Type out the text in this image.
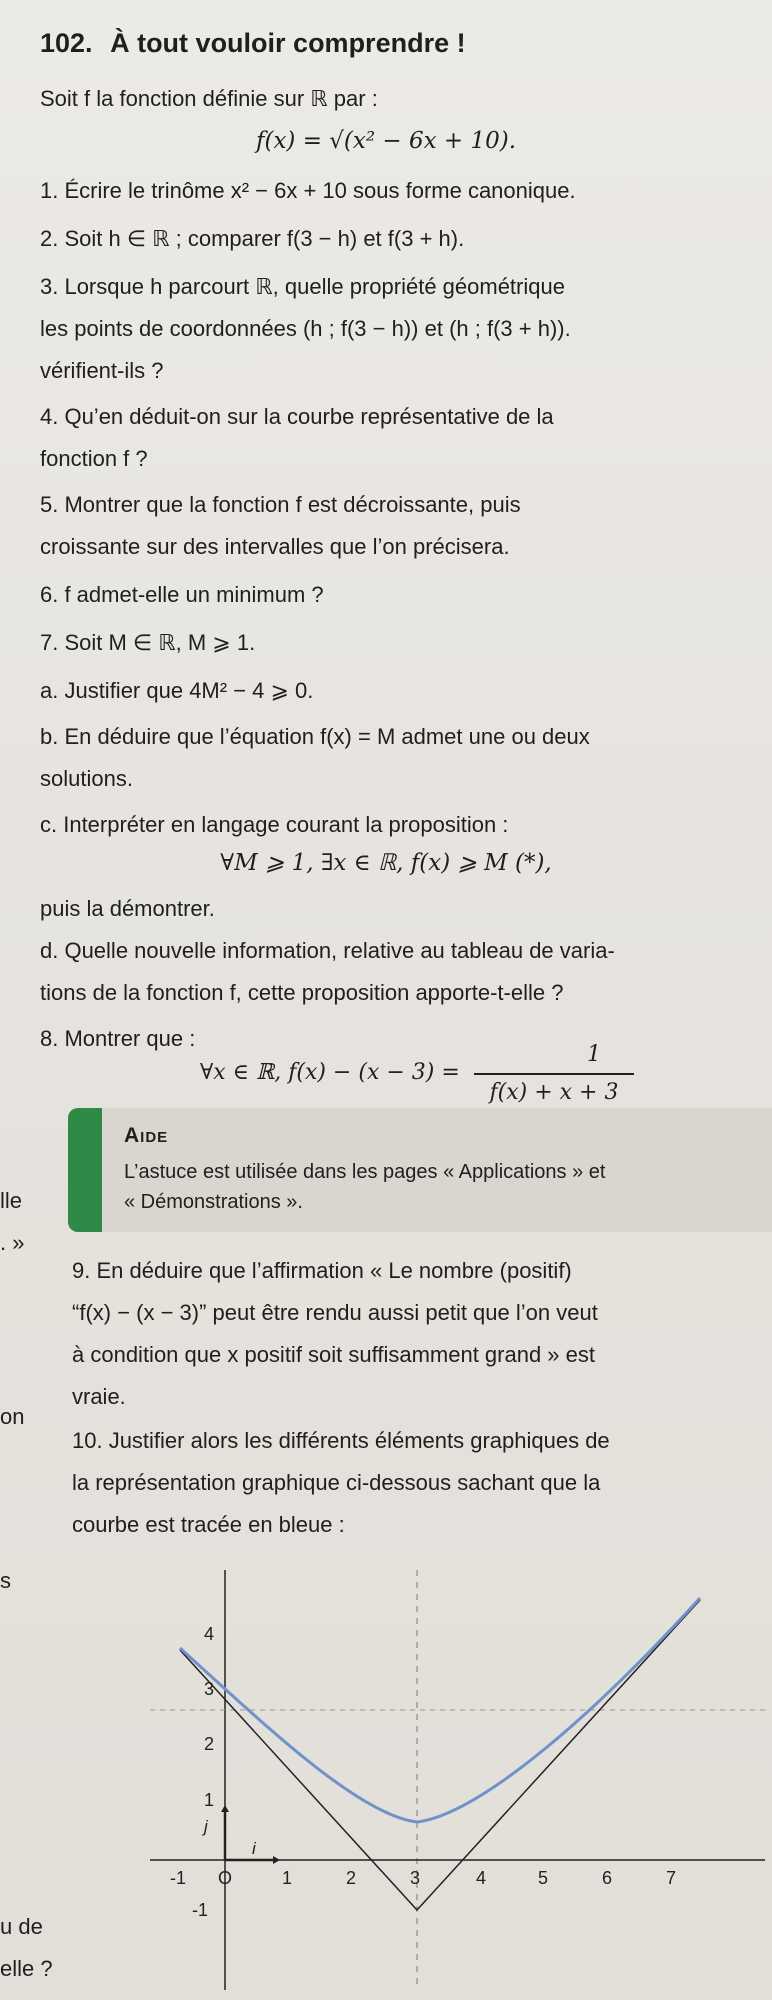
102. À tout vouloir comprendre !
Soit f la fonction définie sur ℝ par :
f(x) = √(x² − 6x + 10).
1. Écrire le trinôme x² − 6x + 10 sous forme canonique.
2. Soit h ∈ ℝ ; comparer f(3 − h) et f(3 + h).
3. Lorsque h parcourt ℝ, quelle propriété géométrique
les points de coordonnées (h ; f(3 − h)) et (h ; f(3 + h)).
vérifient-ils ?
4. Qu’en déduit-on sur la courbe représentative de la
fonction f ?
5. Montrer que la fonction f est décroissante, puis
croissante sur des intervalles que l’on précisera.
6. f admet-elle un minimum ?
7. Soit M ∈ ℝ, M ⩾ 1.
a. Justifier que 4M² − 4 ⩾ 0.
b. En déduire que l’équation f(x) = M admet une ou deux
solutions.
c. Interpréter en langage courant la proposition :
∀M ⩾ 1, ∃x ∈ ℝ, f(x) ⩾ M (*),
puis la démontrer.
d. Quelle nouvelle information, relative au tableau de varia-
tions de la fonction f, cette proposition apporte-t-elle ?
8. Montrer que :
∀x ∈ ℝ, f(x) − (x − 3) =
1
f(x) + x + 3
Aide
L’astuce est utilisée dans les pages « Applications » et
« Démonstrations ».
lle
. »
on
s
u de
elle ?
9. En déduire que l’affirmation « Le nombre (positif)
“f(x) − (x − 3)” peut être rendu aussi petit que l’on veut
à condition que x positif soit suffisamment grand » est
vraie.
10. Justifier alors les différents éléments graphiques de
la représentation graphique ci-dessous sachant que la
courbe est tracée en bleue :
-1 O	1	2	3	4	5	6	7
-1
1
2
3
4
i
j
